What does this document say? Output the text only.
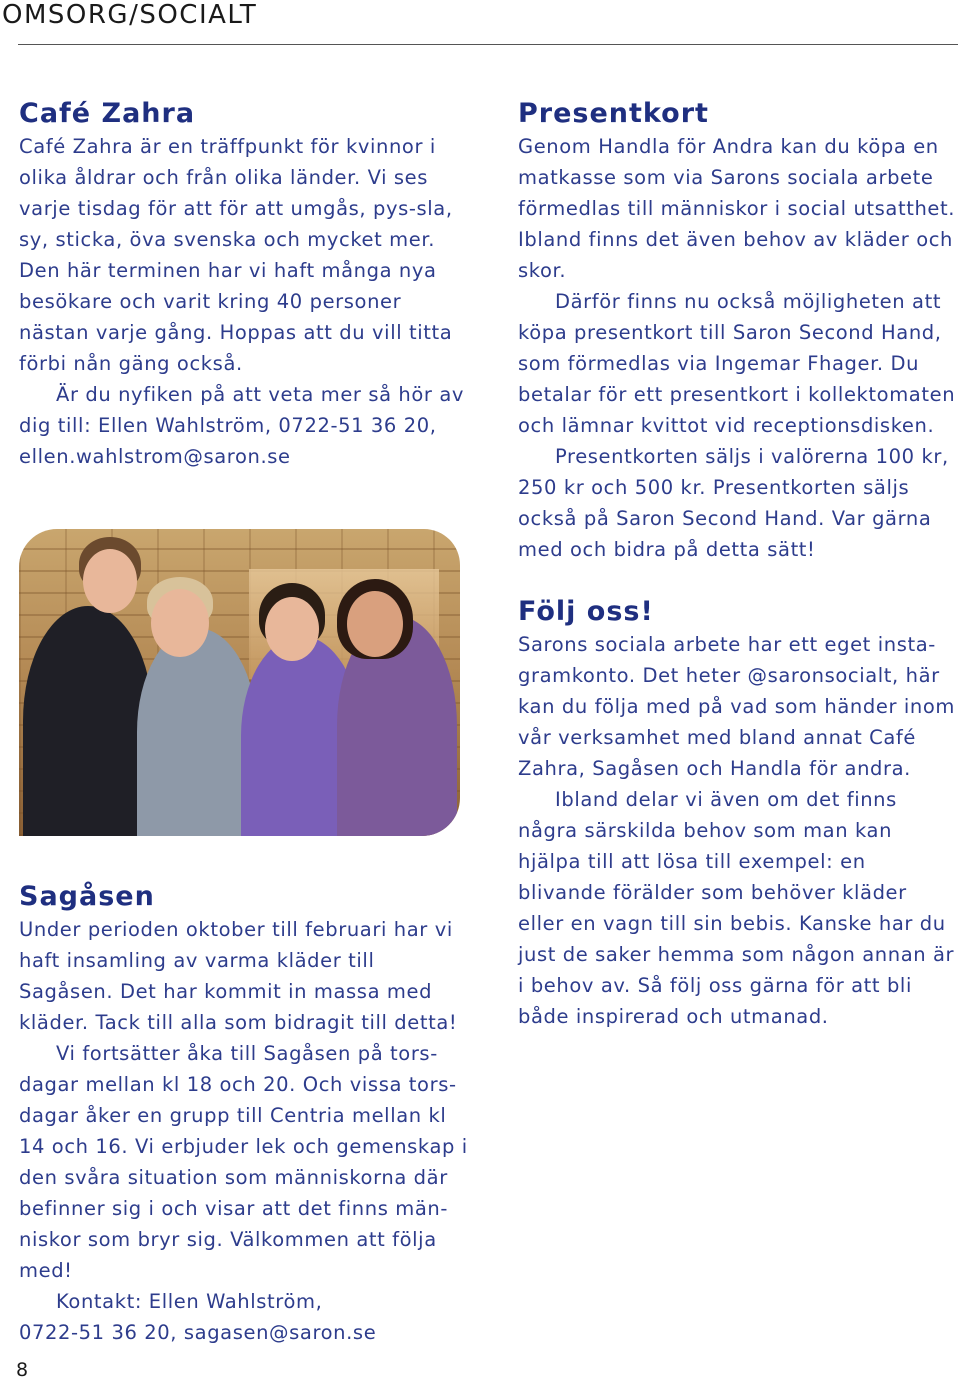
OMSORG/SOCIALT
Café Zahra

Café Zahra är en träffpunkt för kvinnor i olika åldrar och från olika länder. Vi ses varje tisdag för att för att umgås, pys-sla, sy, sticka, öva svenska och mycket mer. Den här terminen har vi haft många nya besökare och varit kring 40 personer nästan varje gång. Hoppas att du vill titta förbi nån gäng också.

Är du nyfiken på att veta mer så hör av dig till: Ellen Wahlström, 0722-51 36 20, ellen.wahlstrom@saron.se

Sagåsen

Under perioden oktober till februari har vi haft insamling av varma kläder till Sagåsen. Det har kommit in massa med kläder. Tack till alla som bidragit till detta!

Vi fortsätter åka till Sagåsen på tors-dagar mellan kl 18 och 20. Och vissa tors-dagar åker en grupp till Centria mellan kl 14 och 16. Vi erbjuder lek och gemenskap i den svåra situation som människorna där befinner sig i och visar att det finns män-niskor som bryr sig. Välkommen att följa med!

Kontakt: Ellen Wahlström,

0722-51 36 20, sagasen@saron.se

Presentkort

Genom Handla för Andra kan du köpa en matkasse som via Sarons sociala arbete förmedlas till människor i social utsatthet. Ibland finns det även behov av kläder och skor.

Därför finns nu också möjligheten att köpa presentkort till Saron Second Hand, som förmedlas via Ingemar Fhager. Du betalar för ett presentkort i kollektomaten och lämnar kvittot vid receptionsdisken.

Presentkorten säljs i valörerna 100 kr, 250 kr och 500 kr. Presentkorten säljs också på Saron Second Hand. Var gärna med och bidra på detta sätt!

Följ oss!

Sarons sociala arbete har ett eget insta-gramkonto. Det heter @saronsocialt, här kan du följa med på vad som händer inom vår verksamhet med bland annat Café Zahra, Sagåsen och Handla för andra.

Ibland delar vi även om det finns några särskilda behov som man kan hjälpa till att lösa till exempel: en blivande förälder som behöver kläder eller en vagn till sin bebis. Kanske har du just de saker hemma som någon annan är i behov av. Så följ oss gärna för att bli både inspirerad och utmanad.

8
